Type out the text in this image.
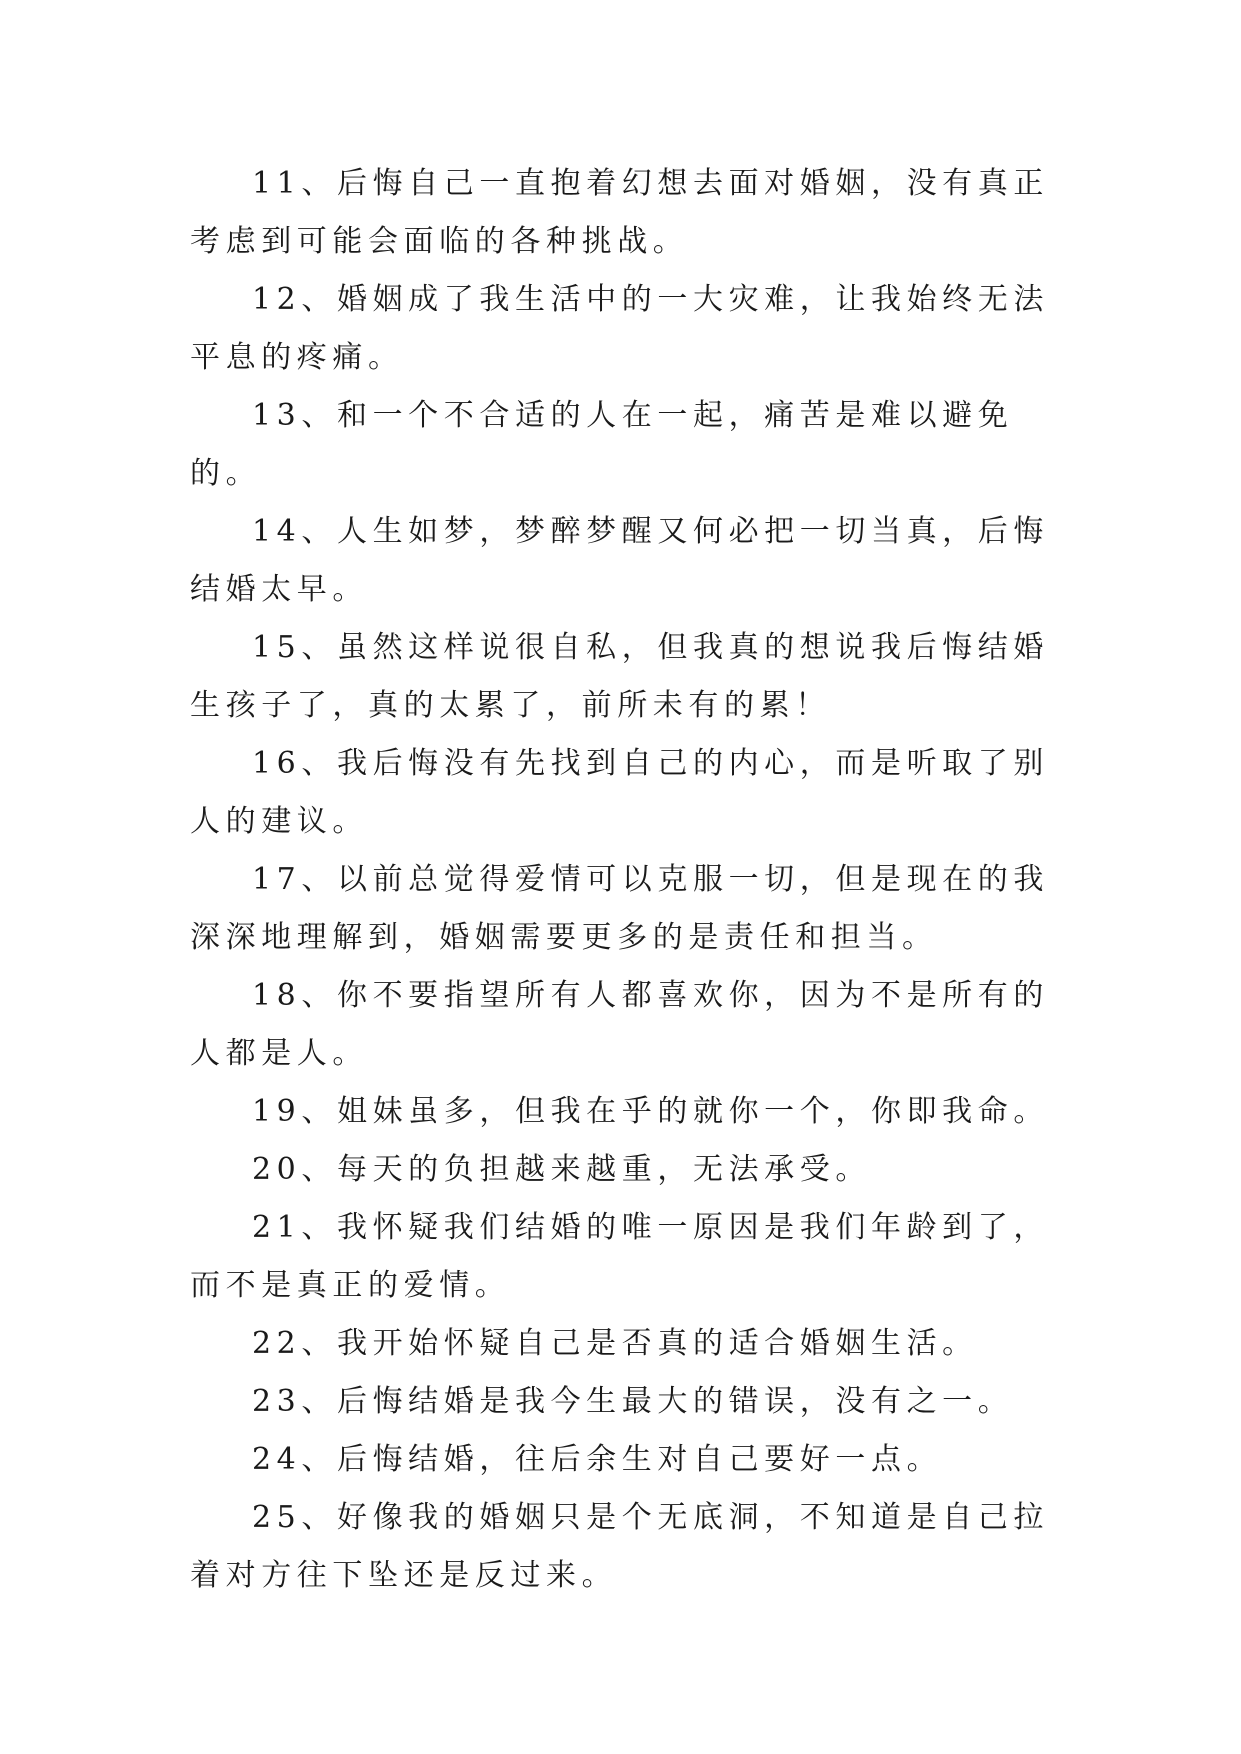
11、后悔自己一直抱着幻想去面对婚姻，没有真正考虑到可能会面临的各种挑战。

12、婚姻成了我生活中的一大灾难，让我始终无法平息的疼痛。

13、和一个不合适的人在一起，痛苦是难以避免的。

14、人生如梦，梦醉梦醒又何必把一切当真，后悔结婚太早。

15、虽然这样说很自私，但我真的想说我后悔结婚生孩子了，真的太累了，前所未有的累！

16、我后悔没有先找到自己的内心，而是听取了别人的建议。

17、以前总觉得爱情可以克服一切，但是现在的我深深地理解到，婚姻需要更多的是责任和担当。

18、你不要指望所有人都喜欢你，因为不是所有的人都是人。

19、姐妹虽多，但我在乎的就你一个，你即我命。

20、每天的负担越来越重，无法承受。

21、我怀疑我们结婚的唯一原因是我们年龄到了，而不是真正的爱情。

22、我开始怀疑自己是否真的适合婚姻生活。

23、后悔结婚是我今生最大的错误，没有之一。

24、后悔结婚，往后余生对自己要好一点。

25、好像我的婚姻只是个无底洞，不知道是自己拉着对方往下坠还是反过来。
